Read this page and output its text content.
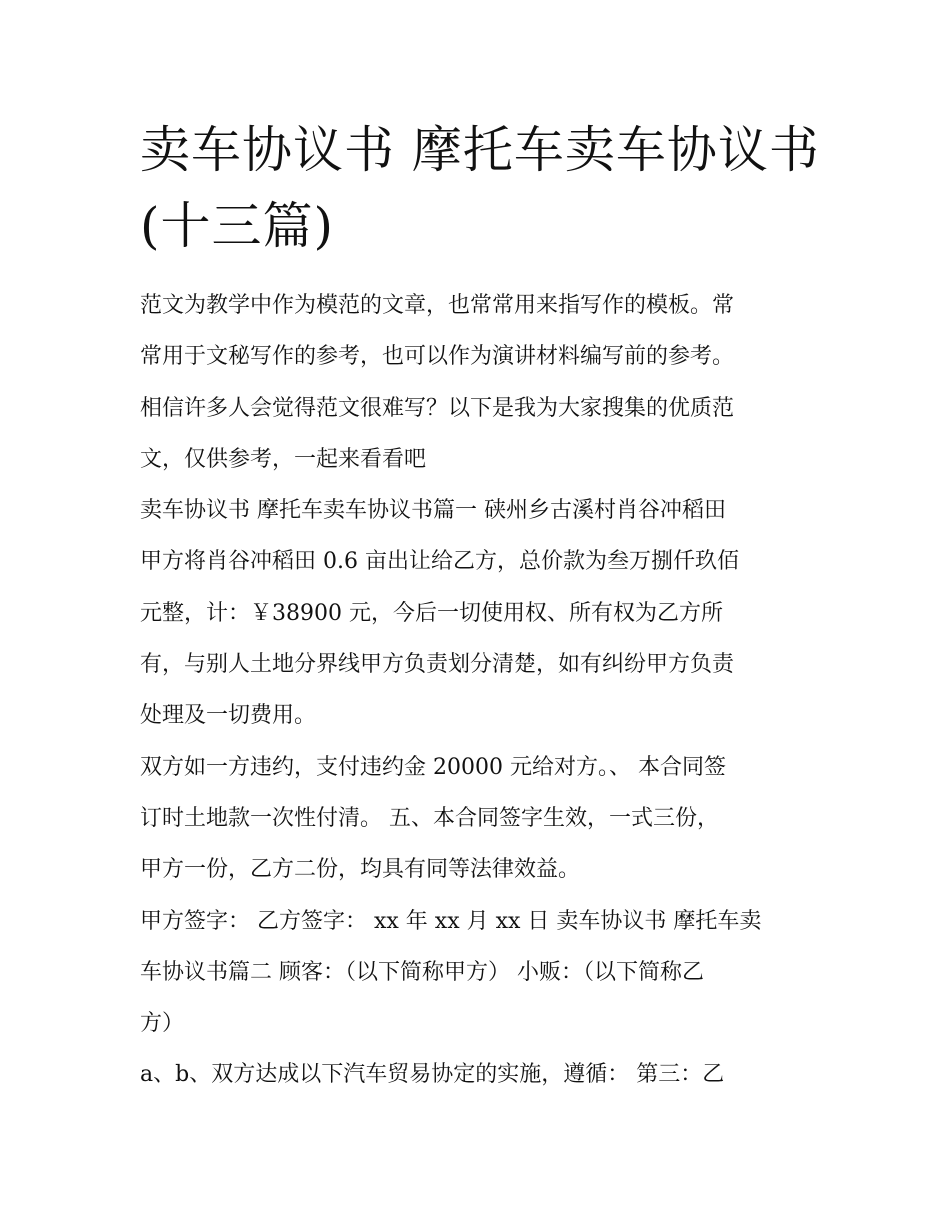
卖车协议书 摩托车卖车协议书
(十三篇)
范文为教学中作为模范的文章，也常常用来指写作的模板。常
常用于文秘写作的参考，也可以作为演讲材料编写前的参考。
相信许多人会觉得范文很难写？以下是我为大家搜集的优质范
文，仅供参考，一起来看看吧
卖车协议书 摩托车卖车协议书篇一 硖州乡古溪村肖谷冲稻田
甲方将肖谷冲稻田 0.6 亩出让给乙方，总价款为叁万捌仟玖佰
元整，计：￥38900 元，今后一切使用权、所有权为乙方所
有，与别人土地分界线甲方负责划分清楚，如有纠纷甲方负责
处理及一切费用。
双方如一方违约，支付违约金 20000 元给对方。、 本合同签
订时土地款一次性付清。 五、本合同签字生效，一式三份，
甲方一份，乙方二份，均具有同等法律效益。
甲方签字： 乙方签字： xx 年 xx 月 xx 日 卖车协议书 摩托车卖
车协议书篇二 顾客：（以下简称甲方） 小贩：（以下简称乙
方）
a、b、双方达成以下汽车贸易协定的实施，遵循： 第三：乙
